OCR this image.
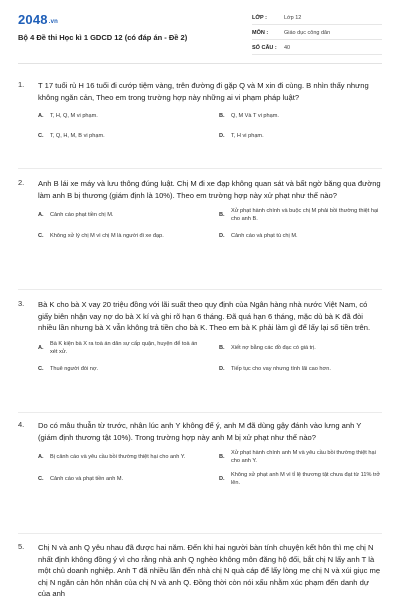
2048.vn
Bộ 4 Đề thi Học kì 1 GDCD 12 (có đáp án - Đề 2)
LỚP :	Lớp 12
MÔN :	Giáo dục công dân
SỐ CÂU :	40
1. T 17 tuổi rủ H 16 tuổi đi cướp tiệm vàng, trên đường đi gặp Q và M xin đi cùng. B nhìn thấy nhưng không ngăn cản, Theo em trong trường hợp này những ai vi phạm pháp luật?
A.	T, H, Q, M vi phạm.	B.	Q, M Và T vi phạm.
C.	T, Q, H, M, B vi phạm.	D.	T, H vi phạm.
2. Anh B lái xe máy và lưu thông đúng luật. Chị M đi xe đạp không quan sát và bất ngờ băng qua đường làm anh B bị thương (giám định là 10%). Theo em trường hợp này xử phạt như thế nào?
A.	Cảnh cáo phạt tiền chị M.	B.
Xử phạt hành chính và buộc chị M phải bồi thường thiệt hại cho anh B.
C.	Không xử lý chị M vì chị M là người đi xe đạp.	D.	Cảnh cáo và phạt tù chị M.
3. Bà K cho bà X vay 20 triệu đồng với lãi suất theo quy định của Ngân hàng nhà nước Việt Nam, có giấy biên nhận vay nợ do bà X kí và ghi rõ hạn 6 tháng. Đã quá hạn 6 tháng, mặc dù bà K đã đòi nhiều lần nhưng bà X vẫn không trả tiền cho bà K. Theo em bà K phải làm gì để lấy lại số tiền trên.
A.
Bà K kiện bà X ra toà án dân sự cấp quận, huyện để toà án xét xử.
B.	Xiết nợ bằng các đồ đạc có giá trị.
C.	Thuê người đòi nợ.	D.	Tiếp tục cho vay nhưng tính lãi cao hơn.
4. Do có mâu thuẫn từ trước, nhân lúc anh Y không để ý, anh M đã dùng gậy đánh vào lưng anh Y (giám định thương tật 10%). Trong trường hợp này anh M bị xử phạt như thế nào?
A.	Bị cảnh cáo và yêu cầu bồi thường thiệt hại cho anh Y.	B.
Xử phạt hành chính anh M và yêu cầu bồi thường thiệt hại cho anh Y.
C.	Cảnh cáo và phạt tiền anh M.	D.
Không xử phạt anh M vì tỉ lệ thương tật chưa đạt từ 11% trở lên.
5. Chị N và anh Q yêu nhau đã được hai năm. Đến khi hai người bàn tính chuyện kết hôn thì mẹ chị N nhất định không đồng ý vì cho rằng nhà anh Q nghèo không môn đăng hộ đối, bắt chị N lấy anh T là một chủ doanh nghiệp. Anh T đã nhiều lần đến nhà chị N quà cáp để lấy lòng mẹ chị N và xúi giục mẹ chị N ngăn cản hôn nhân của chị N và anh Q. Đồng thời còn nói xấu nhằm xúc phạm đến danh dự của anh
